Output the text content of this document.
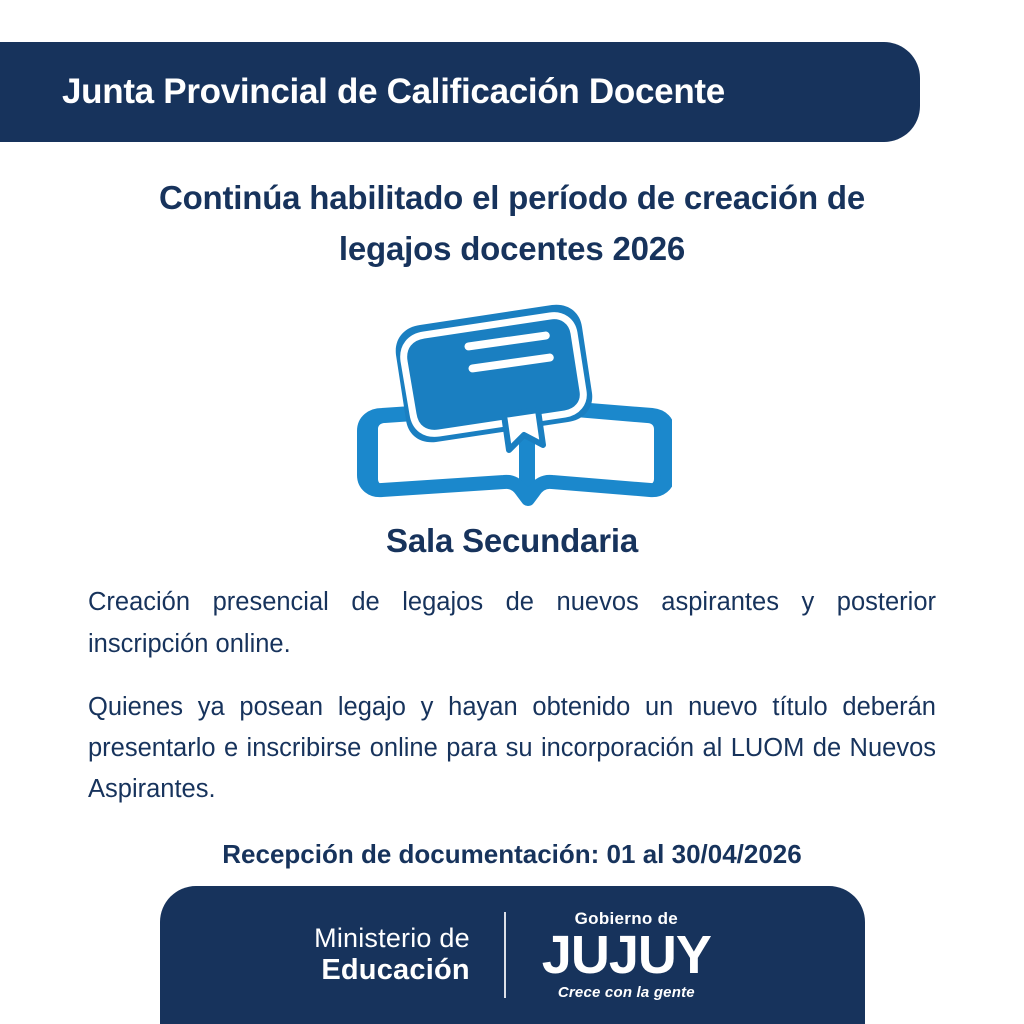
Junta Provincial de Calificación Docente
Continúa habilitado el período de creación de legajos docentes 2026
Sala Secundaria
Creación presencial de legajos de nuevos aspirantes y posterior inscripción online.
Quienes ya posean legajo y hayan obtenido un nuevo título deberán presentarlo e inscribirse online para su incorporación al LUOM de Nuevos Aspirantes.
Recepción de documentación: 01 al 30/04/2026
Ministerio de
Educación
Gobierno de
JUJUY
Crece con la gente
